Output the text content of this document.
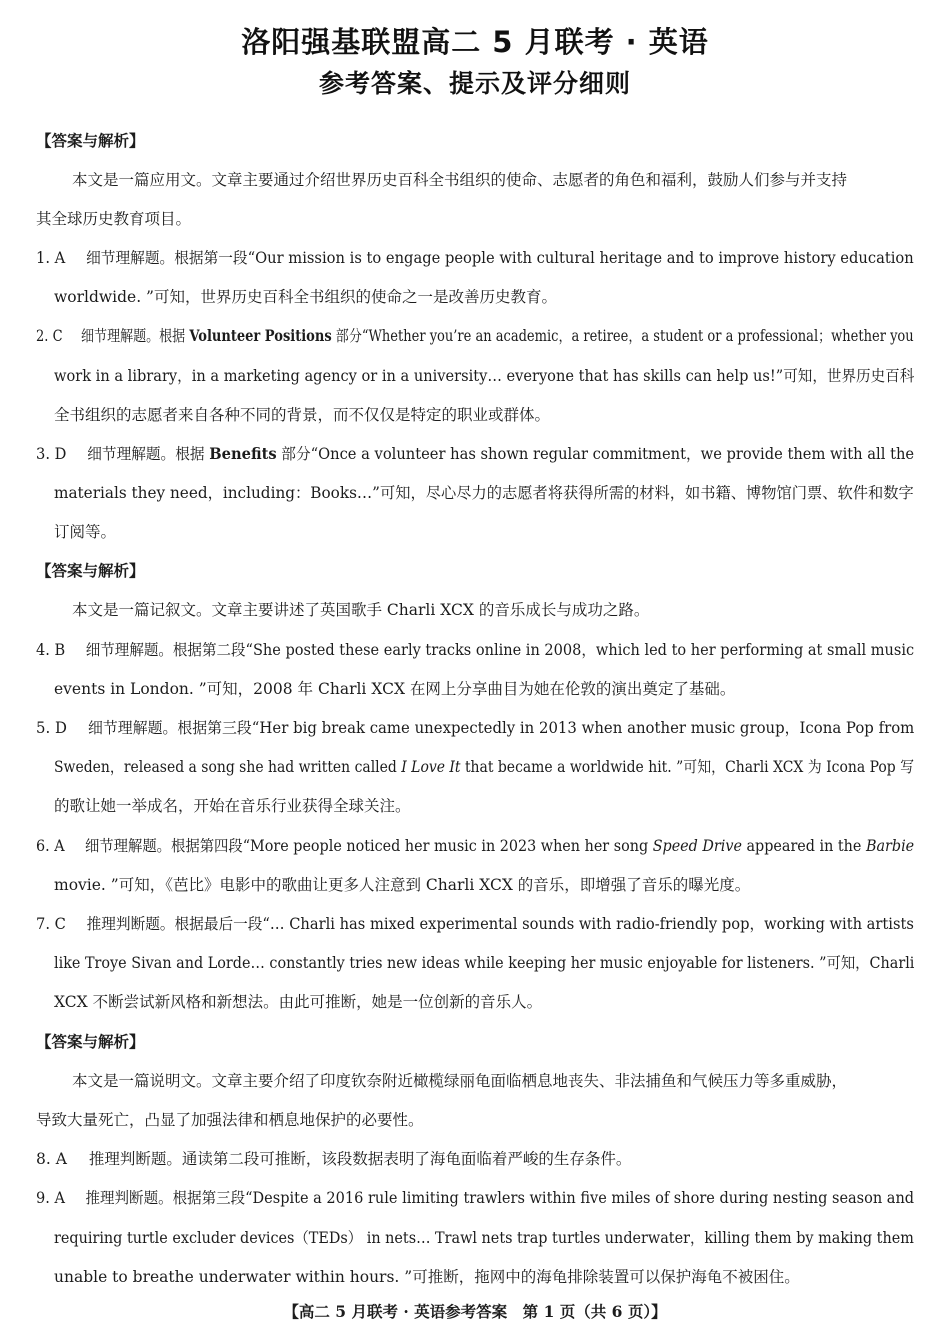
洛阳强基联盟高二 5 月联考 · 英语
参考答案、提示及评分细则
【答案与解析】
本文是一篇应用文。文章主要通过介绍世界历史百科全书组织的使命、志愿者的角色和福利，鼓励人们参与并支持
其全球历史教育项目。
1. A 细节理解题。根据第一段“Our mission is to engage people with cultural heritage and to improve history education
worldwide. ”可知，世界历史百科全书组织的使命之一是改善历史教育。
2. C 细节理解题。根据 Volunteer Positions 部分“Whether you’re an academic，a retiree，a student or a professional；whether you
work in a library，in a marketing agency or in a university… everyone that has skills can help us!”可知，世界历史百科
全书组织的志愿者来自各种不同的背景，而不仅仅是特定的职业或群体。
3. D 细节理解题。根据 Benefits 部分“Once a volunteer has shown regular commitment，we provide them with all the
materials they need，including：Books…”可知，尽心尽力的志愿者将获得所需的材料，如书籍、博物馆门票、软件和数字
订阅等。
【答案与解析】
本文是一篇记叙文。文章主要讲述了英国歌手 Charli XCX 的音乐成长与成功之路。
4. B 细节理解题。根据第二段“She posted these early tracks online in 2008，which led to her performing at small music
events in London. ”可知，2008 年 Charli XCX 在网上分享曲目为她在伦敦的演出奠定了基础。
5. D 细节理解题。根据第三段“Her big break came unexpectedly in 2013 when another music group，Icona Pop from
Sweden，released a song she had written called I Love It that became a worldwide hit. ”可知，Charli XCX 为 Icona Pop 写
的歌让她一举成名，开始在音乐行业获得全球关注。
6. A 细节理解题。根据第四段“More people noticed her music in 2023 when her song Speed Drive appeared in the Barbie
movie. ”可知，《芭比》电影中的歌曲让更多人注意到 Charli XCX 的音乐，即增强了音乐的曝光度。
7. C 推理判断题。根据最后一段“… Charli has mixed experimental sounds with radio-friendly pop，working with artists
like Troye Sivan and Lorde… constantly tries new ideas while keeping her music enjoyable for listeners. ”可知，Charli
XCX 不断尝试新风格和新想法。由此可推断，她是一位创新的音乐人。
【答案与解析】
本文是一篇说明文。文章主要介绍了印度钦奈附近橄榄绿丽龟面临栖息地丧失、非法捕鱼和气候压力等多重威胁，
导致大量死亡，凸显了加强法律和栖息地保护的必要性。
8. A 推理判断题。通读第二段可推断，该段数据表明了海龟面临着严峻的生存条件。
9. A 推理判断题。根据第三段“Despite a 2016 rule limiting trawlers within five miles of shore during nesting season and
requiring turtle excluder devices（TEDs） in nets… Trawl nets trap turtles underwater，killing them by making them
unable to breathe underwater within hours. ”可推断，拖网中的海龟排除装置可以保护海龟不被困住。
【高二 5 月联考 · 英语参考答案　第 1 页（共 6 页）】
